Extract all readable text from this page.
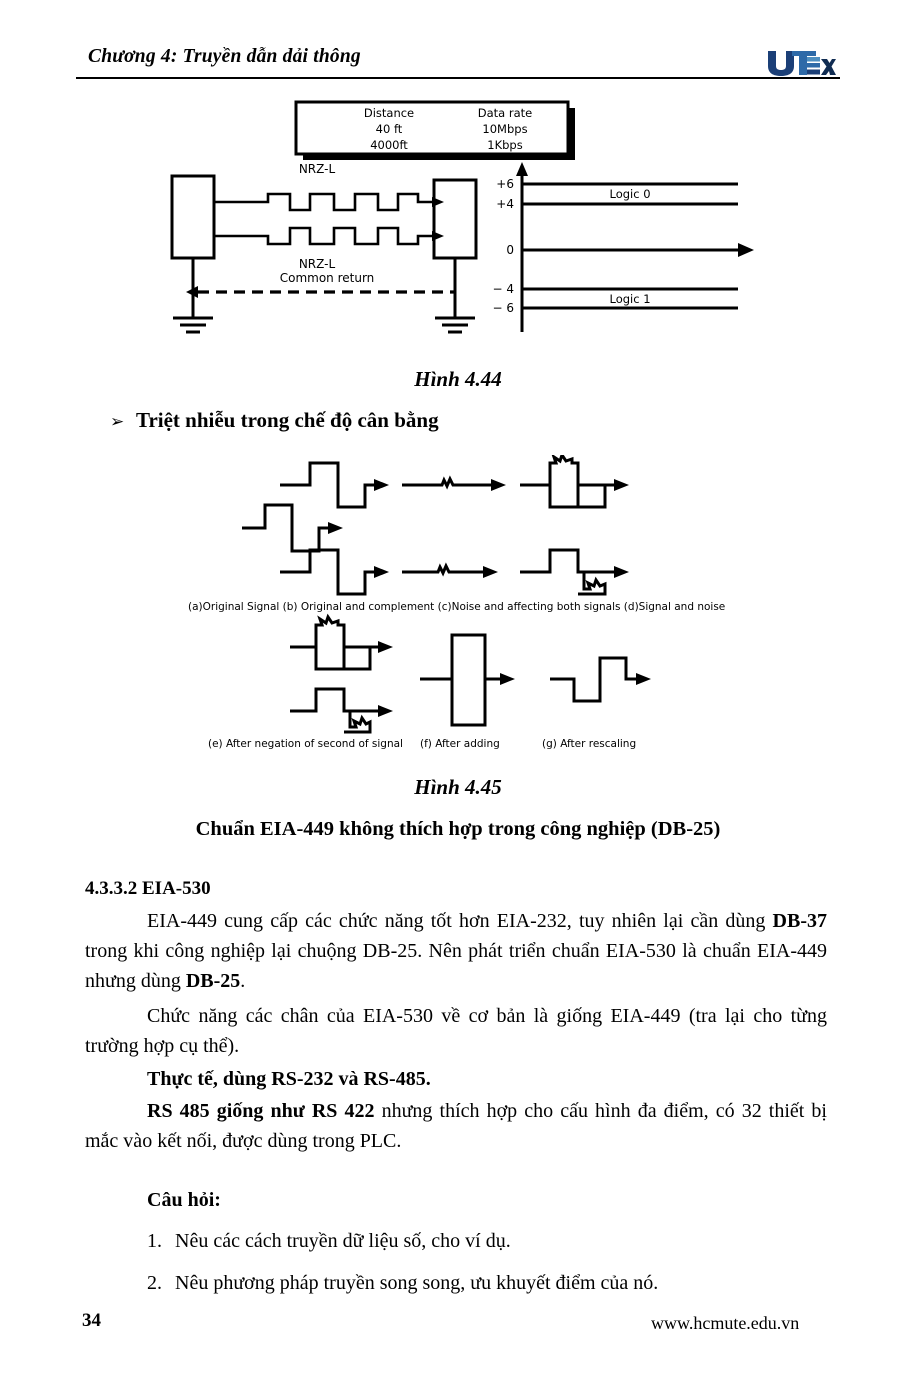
Chương 4: Truyền dẫn dải thông
Distance	Data rate
40 ft	10Mbps
4000ft	1Kbps
NRZ-L
NRZ-L
Common return
+6
+4
0
− 4
− 6
Logic 0
Logic 1
Hình 4.44
➢ Triệt nhiễu trong chế độ cân bằng
(a)Original Signal (b) Original and complement (c)Noise and affecting both signals (d)Signal and noise
(e) After negation of second of signal (f) After adding	(g) After rescaling
Hình 4.45
Chuẩn EIA-449 không thích hợp trong công nghiệp (DB-25)
4.3.3.2 EIA-530
EIA-449 cung cấp các chức năng tốt hơn EIA-232, tuy nhiên lại cần dùng DB-37 trong khi công nghiệp lại chuộng DB-25. Nên phát triển chuẩn EIA-530 là chuẩn EIA-449 nhưng dùng DB-25.
Chức năng các chân của EIA-530 về cơ bản là giống EIA-449 (tra lại cho từng trường hợp cụ thể).
Thực tế, dùng RS-232 và RS-485.
RS 485 giống như RS 422 nhưng thích hợp cho cấu hình đa điểm, có 32 thiết bị mắc vào kết nối, được dùng trong PLC.
Câu hỏi:
1. Nêu các cách truyền dữ liệu số, cho ví dụ.
2. Nêu phương pháp truyền song song, ưu khuyết điểm của nó.
34	www.hcmute.edu.vn
